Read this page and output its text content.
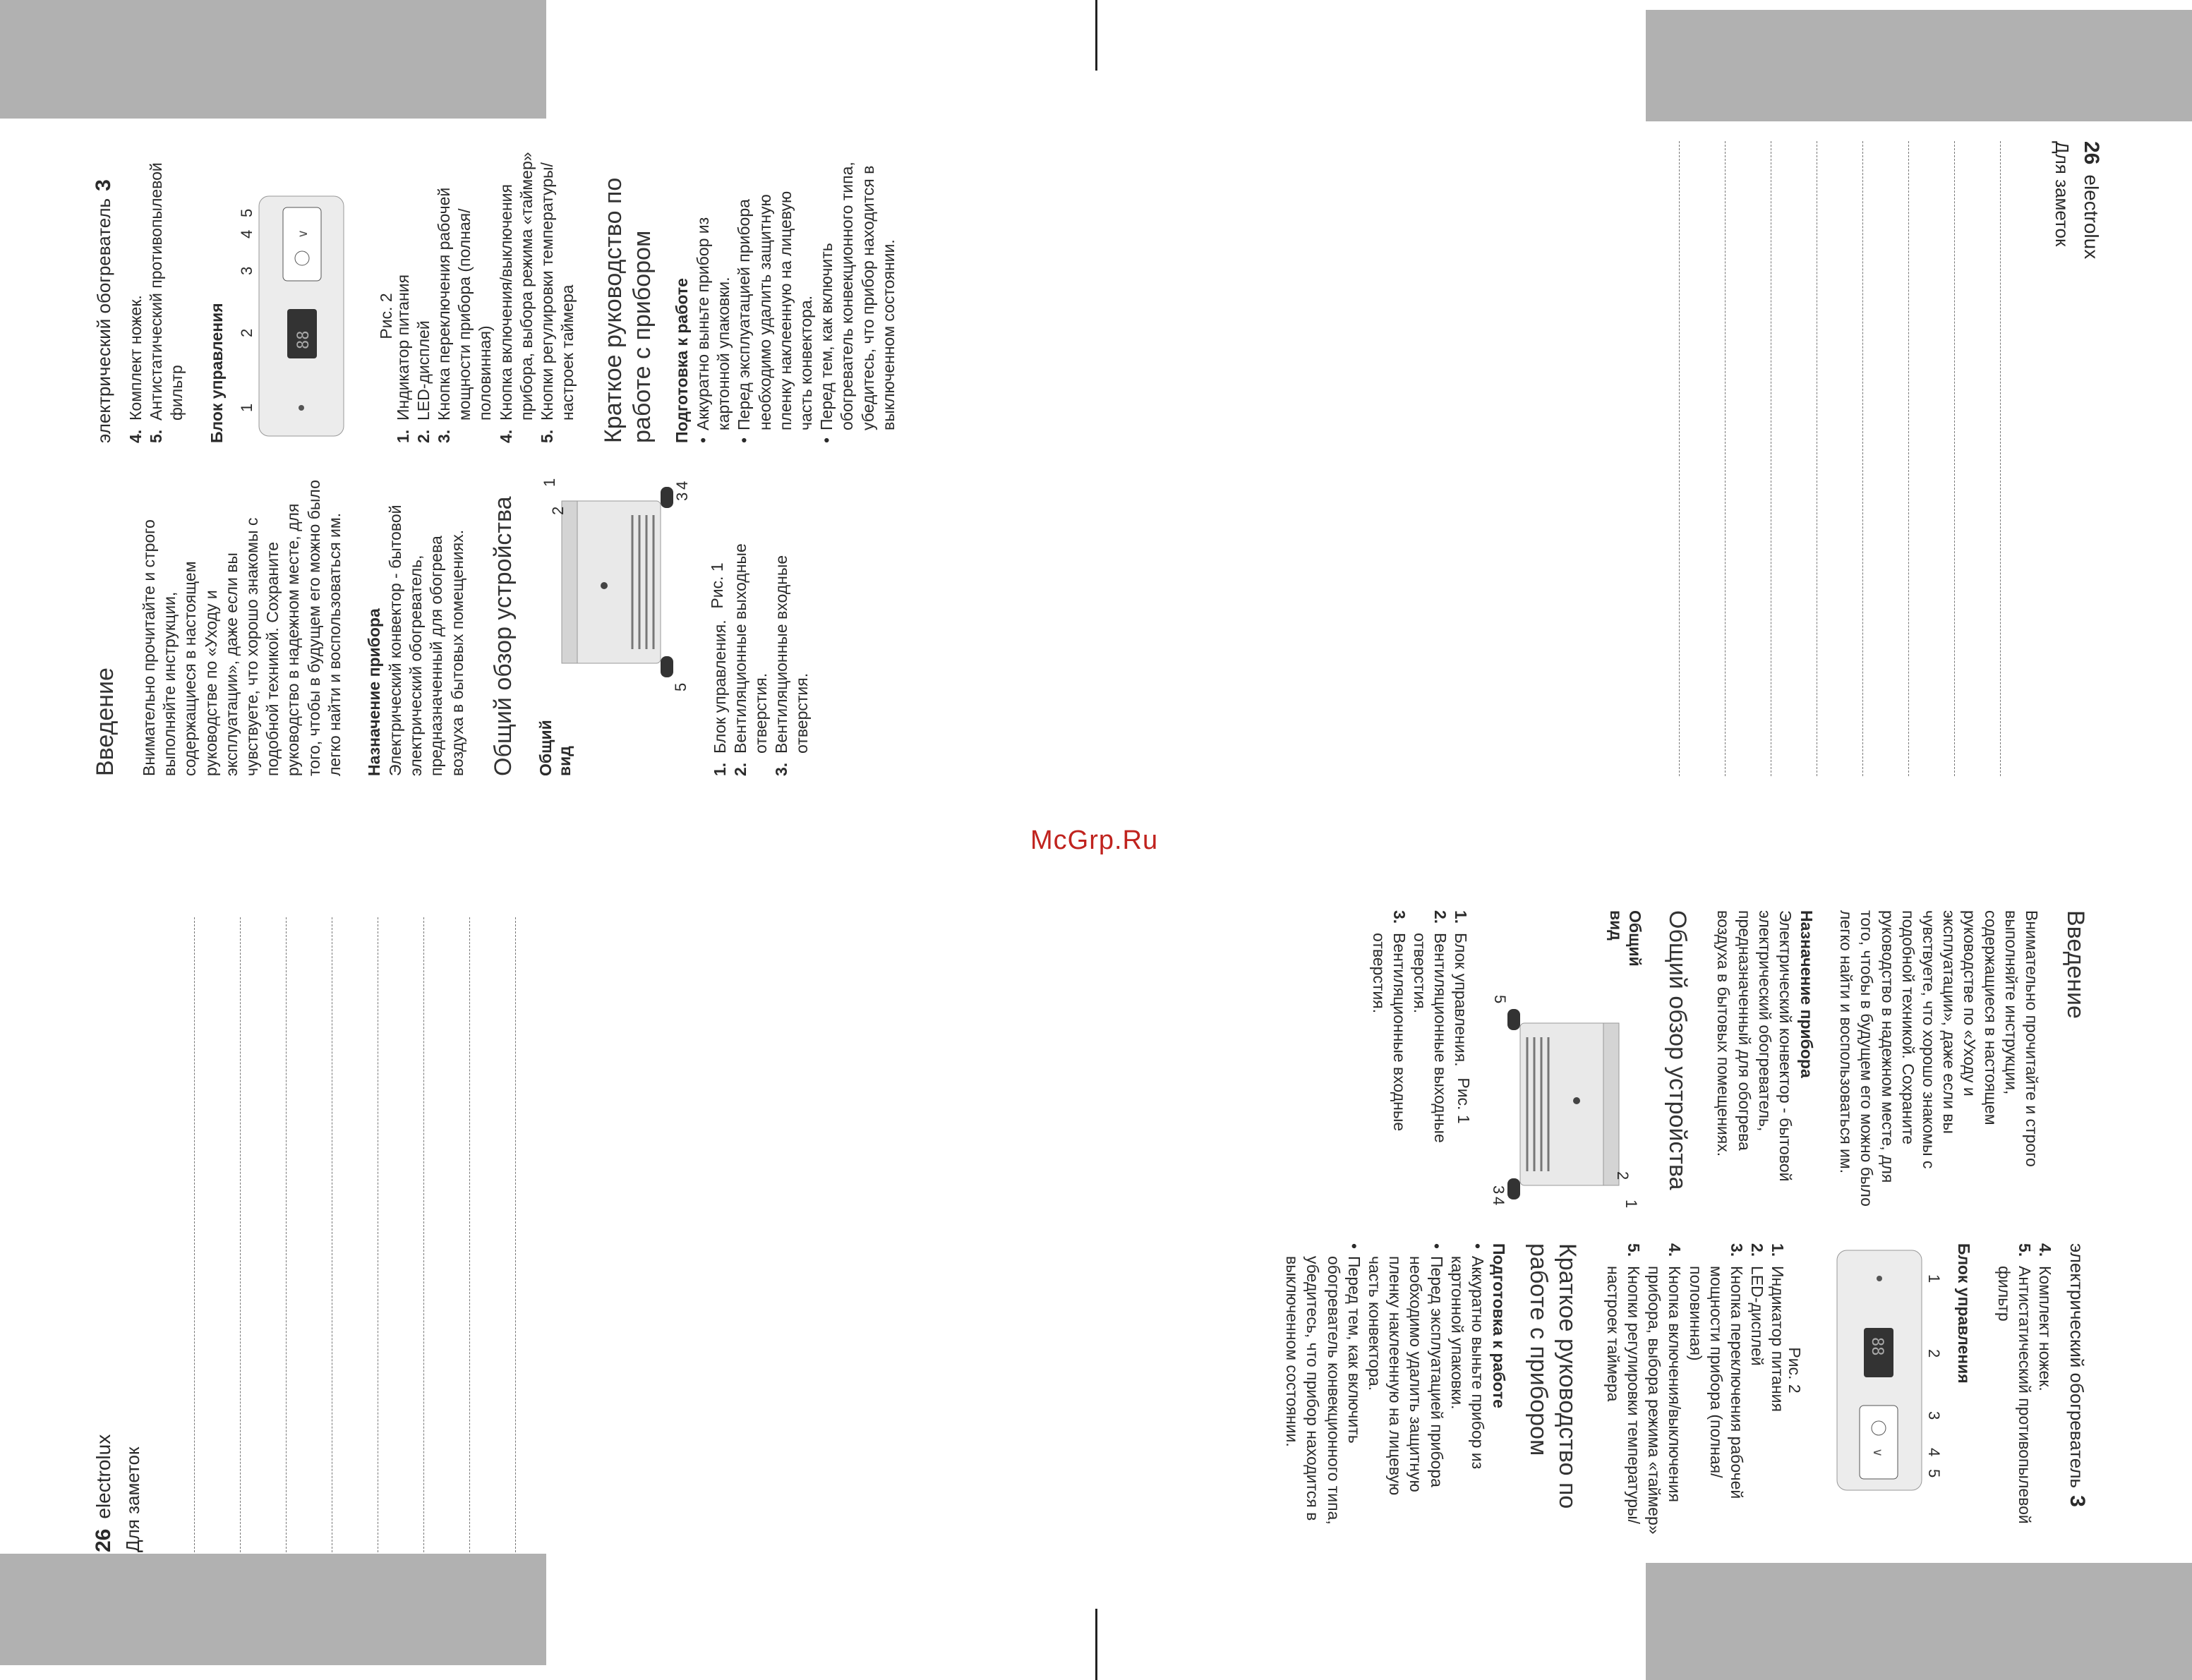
McGrp.Ru

Введение Внимательно прочитайте и строго выполняйте инструкции, содержащиеся в настоящем руководстве по «Уходу и эксплуатации», даже если вы чувствуете, что хорошо знакомы с подобной техникой. Сохраните руководство в надежном месте, для того, чтобы в будущем его можно было легко найти и воспользоваться им. Назначение прибора Электрический конвектор - бытовой электрический обогреватель, предназначенный для обогрева воздуха в бытовых помещениях. Общий обзор устройства Общий вид

1
2
3
4
5

Рис. 1

1.
Блок управления.
2.
Вентиляционные выходные отверстия.
3.
Вентиляционные входные отверстия.

электрический обогреватель3

4.
Комплект ножек.
5.
Антистатический противопылевой фильтр Блок управления	88
∨
1
2
3
4
5

Рис. 2

1.
Индикатор питания
2.
LED-дисплей
3.
Кнопка переключения рабочей мощности прибора (полная/половинная)
4.
Кнопка включения/выключения прибора, выбора режима «таймер»
5.
Кнопки регулировки температуры/настроек таймера Краткое руководство по работе с прибором Подготовка к работе • Аккуратно выньте прибор из картонной упаковки. • Перед эксплуатацией прибора необходимо удалить защитную пленку наклеенную на лицевую часть конвектора. • Перед тем, как включить обогреватель конвекционного типа, убедитесь, что прибор находится в выключенном состоянии.

26electrolux

Для заметок

26electrolux Для заметок

Введение

Внимательно прочитайте и строго выполняйте инструкции, содержащиеся в настоящем руководстве по «Уходу и эксплуатации», даже если вы чувствуете, что хорошо знакомы с подобной техникой. Сохраните руководство в надежном месте, для того, чтобы в будущем его можно было легко найти и воспользоваться им.

Назначение прибора

Электрический конвектор - бытовой электрический обогреватель, предназначенный для обогрева воздуха в бытовых помещениях.

Общий обзор устройства

Общий вид

1
2
3
4
5

Рис. 1

1.
Блок управления.
2.
Вентиляционные выходные отверстия.
3.
Вентиляционные входные отверстия.

электрический обогреватель3

4.
Комплект ножек.
5.
Антистатический противопылевой фильтр

Блок управления

88
∨
1
2
3
4
5

Рис. 2

1.
Индикатор питания
2.
LED-дисплей
3.
Кнопка переключения рабочей мощности прибора (полная/половинная)
4.
Кнопка включения/выключения прибора, выбора режима «таймер»
5.
Кнопки регулировки температуры/настроек таймера

Краткое руководство по работе с прибором

Подготовка к работе

• Аккуратно выньте прибор из картонной упаковки.
• Перед эксплуатацией прибора необходимо удалить защитную пленку наклеенную на лицевую часть конвектора.
• Перед тем, как включить обогреватель конвекционного типа, убедитесь, что прибор находится в выключенном состоянии.
